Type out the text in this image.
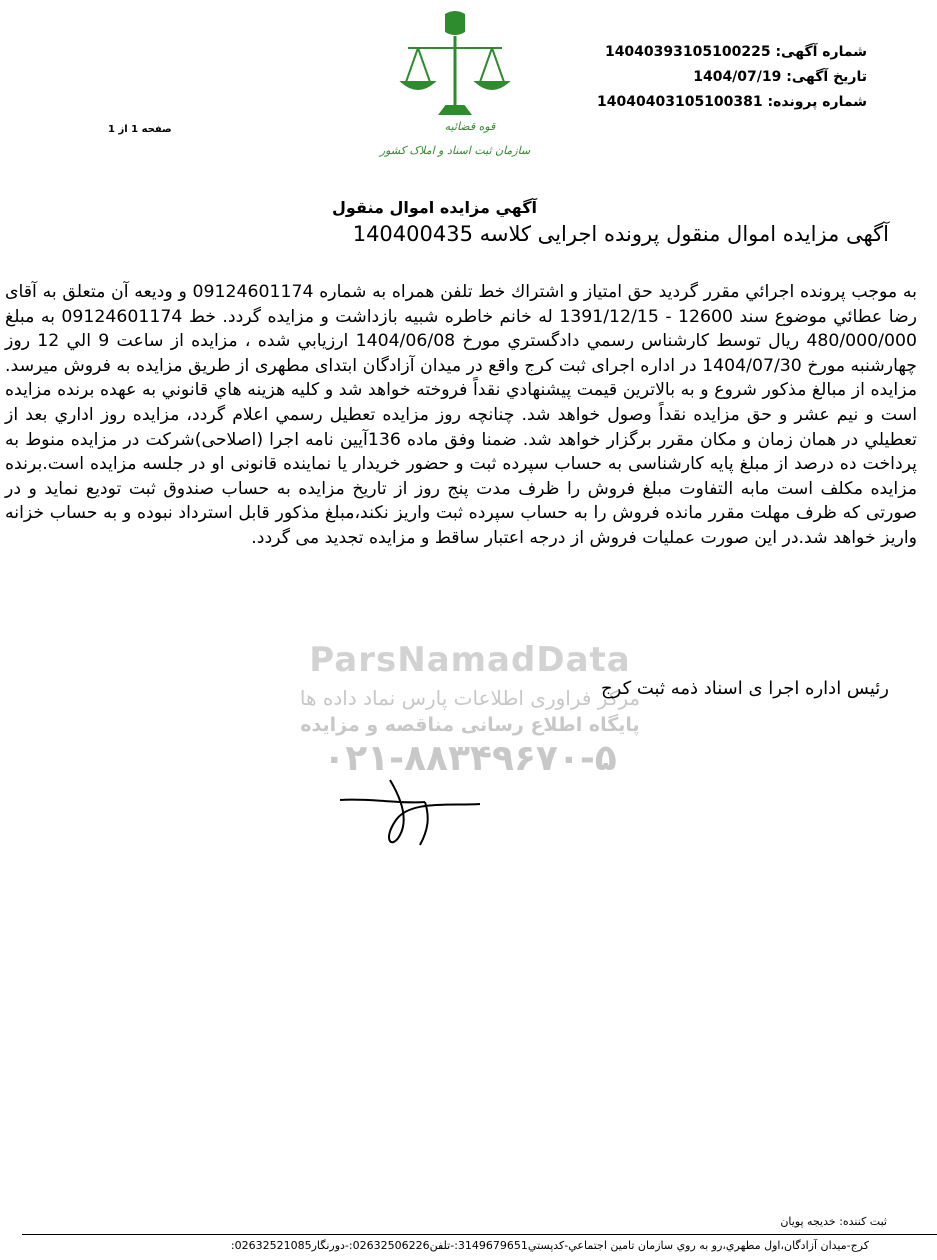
شماره آگهی: 14040393105100225
تاریخ آگهی: 1404/07/19
شماره پرونده: 14040403105100381
صفحه 1 از 1	قوه قضائیه
سازمان ثبت اسناد و املاک کشور
آگهي مزايده اموال منقول
آگهی مزایده اموال منقول پرونده اجرایی کلاسه 140400435
ParsNamadData
مرکز فراوری اطلاعات پارس نماد داده ها
پایگاه اطلاع رسانی مناقصه و مزایده
۰۲۱-۸۸۳۴۹۶۷۰-۵
به موجب پرونده اجرائي مقرر گرديد حق امتياز و اشتراك خط تلفن همراه به شماره 09124601174 و وديعه آن متعلق به آقای رضا عطائي موضوع سند 12600 - 1391/12/15 له خانم خاطره شبيه بازداشت و مزايده گردد. خط 09124601174 به مبلغ 480/000/000 ريال توسط كارشناس رسمي دادگستري مورخ 1404/06/08 ارزيابي شده ، مزايده از ساعت 9 الي 12 روز چهارشنبه مورخ 1404/07/30 در اداره اجرای ثبت كرج واقع در ميدان آزادگان ابتدای مطهری از طريق مزايده به فروش ميرسد. مزايده از مبالغ مذكور شروع و به بالاترين قيمت پيشنهادي نقداً فروخته خواهد شد و كليه هزينه هاي قانوني به عهده برنده مزايده است و نيم عشر و حق مزايده نقداً وصول خواهد شد. چنانچه روز مزايده تعطيل رسمي اعلام گردد، مزايده روز اداري بعد از تعطيلي در همان زمان و مكان مقرر برگزار خواهد شد. ضمنا وفق ماده 136آيين نامه اجرا (اصلاحی)شركت در مزايده منوط به پرداخت ده درصد از مبلغ پايه كارشناسی به حساب سپرده ثبت و حضور خريدار يا نماينده قانونی او در جلسه مزايده است.برنده مزايده مكلف است مابه التفاوت مبلغ فروش را ظرف مدت پنج روز از تاريخ مزايده به حساب صندوق ثبت توديع نمايد و در صورتی كه ظرف مهلت مقرر مانده فروش را به حساب سپرده ثبت واريز نكند،مبلغ مذكور قابل استرداد نبوده و به حساب خزانه واريز خواهد شد.در اين صورت عمليات فروش از درجه اعتبار ساقط و مزايده تجديد می گردد.
رئيس اداره اجرا ی اسناد ذمه ثبت کرج
ثبت کننده: خدیجه پویان
كرج-ميدان آزادگان،اول مطهري،رو به روي سازمان تامين اجتماعي-كدپستي3149679651:-تلفن02632506226:-دورنگار02632521085:
